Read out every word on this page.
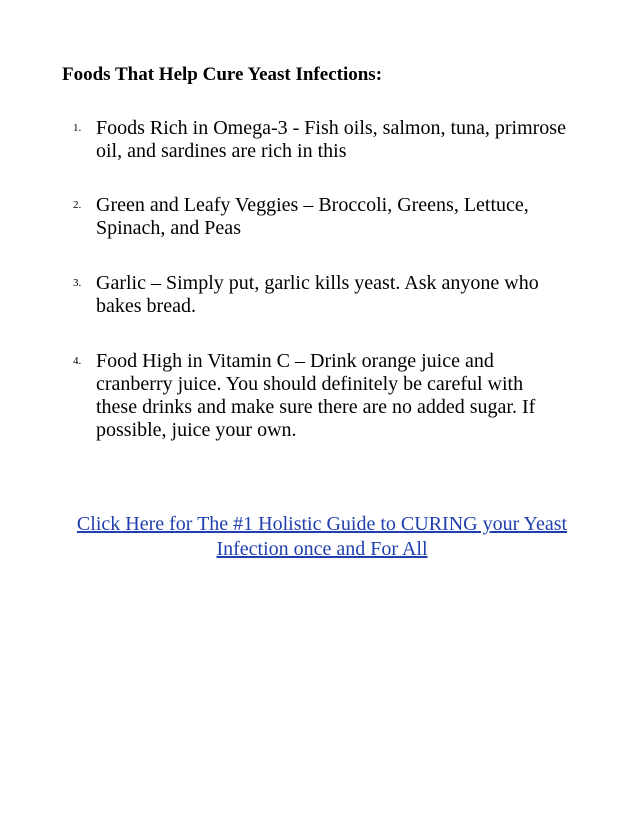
Foods That Help Cure Yeast Infections:
1. Foods Rich in Omega-3 - Fish oils, salmon, tuna, primrose oil, and sardines are rich in this
2. Green and Leafy Veggies – Broccoli, Greens, Lettuce, Spinach, and Peas
3. Garlic – Simply put, garlic kills yeast. Ask anyone who bakes bread.
4. Food High in Vitamin C – Drink orange juice and cranberry juice. You should definitely be careful with these drinks and make sure there are no added sugar. If possible, juice your own.
Click Here for The #1 Holistic Guide to CURING your Yeast Infection once and For All
